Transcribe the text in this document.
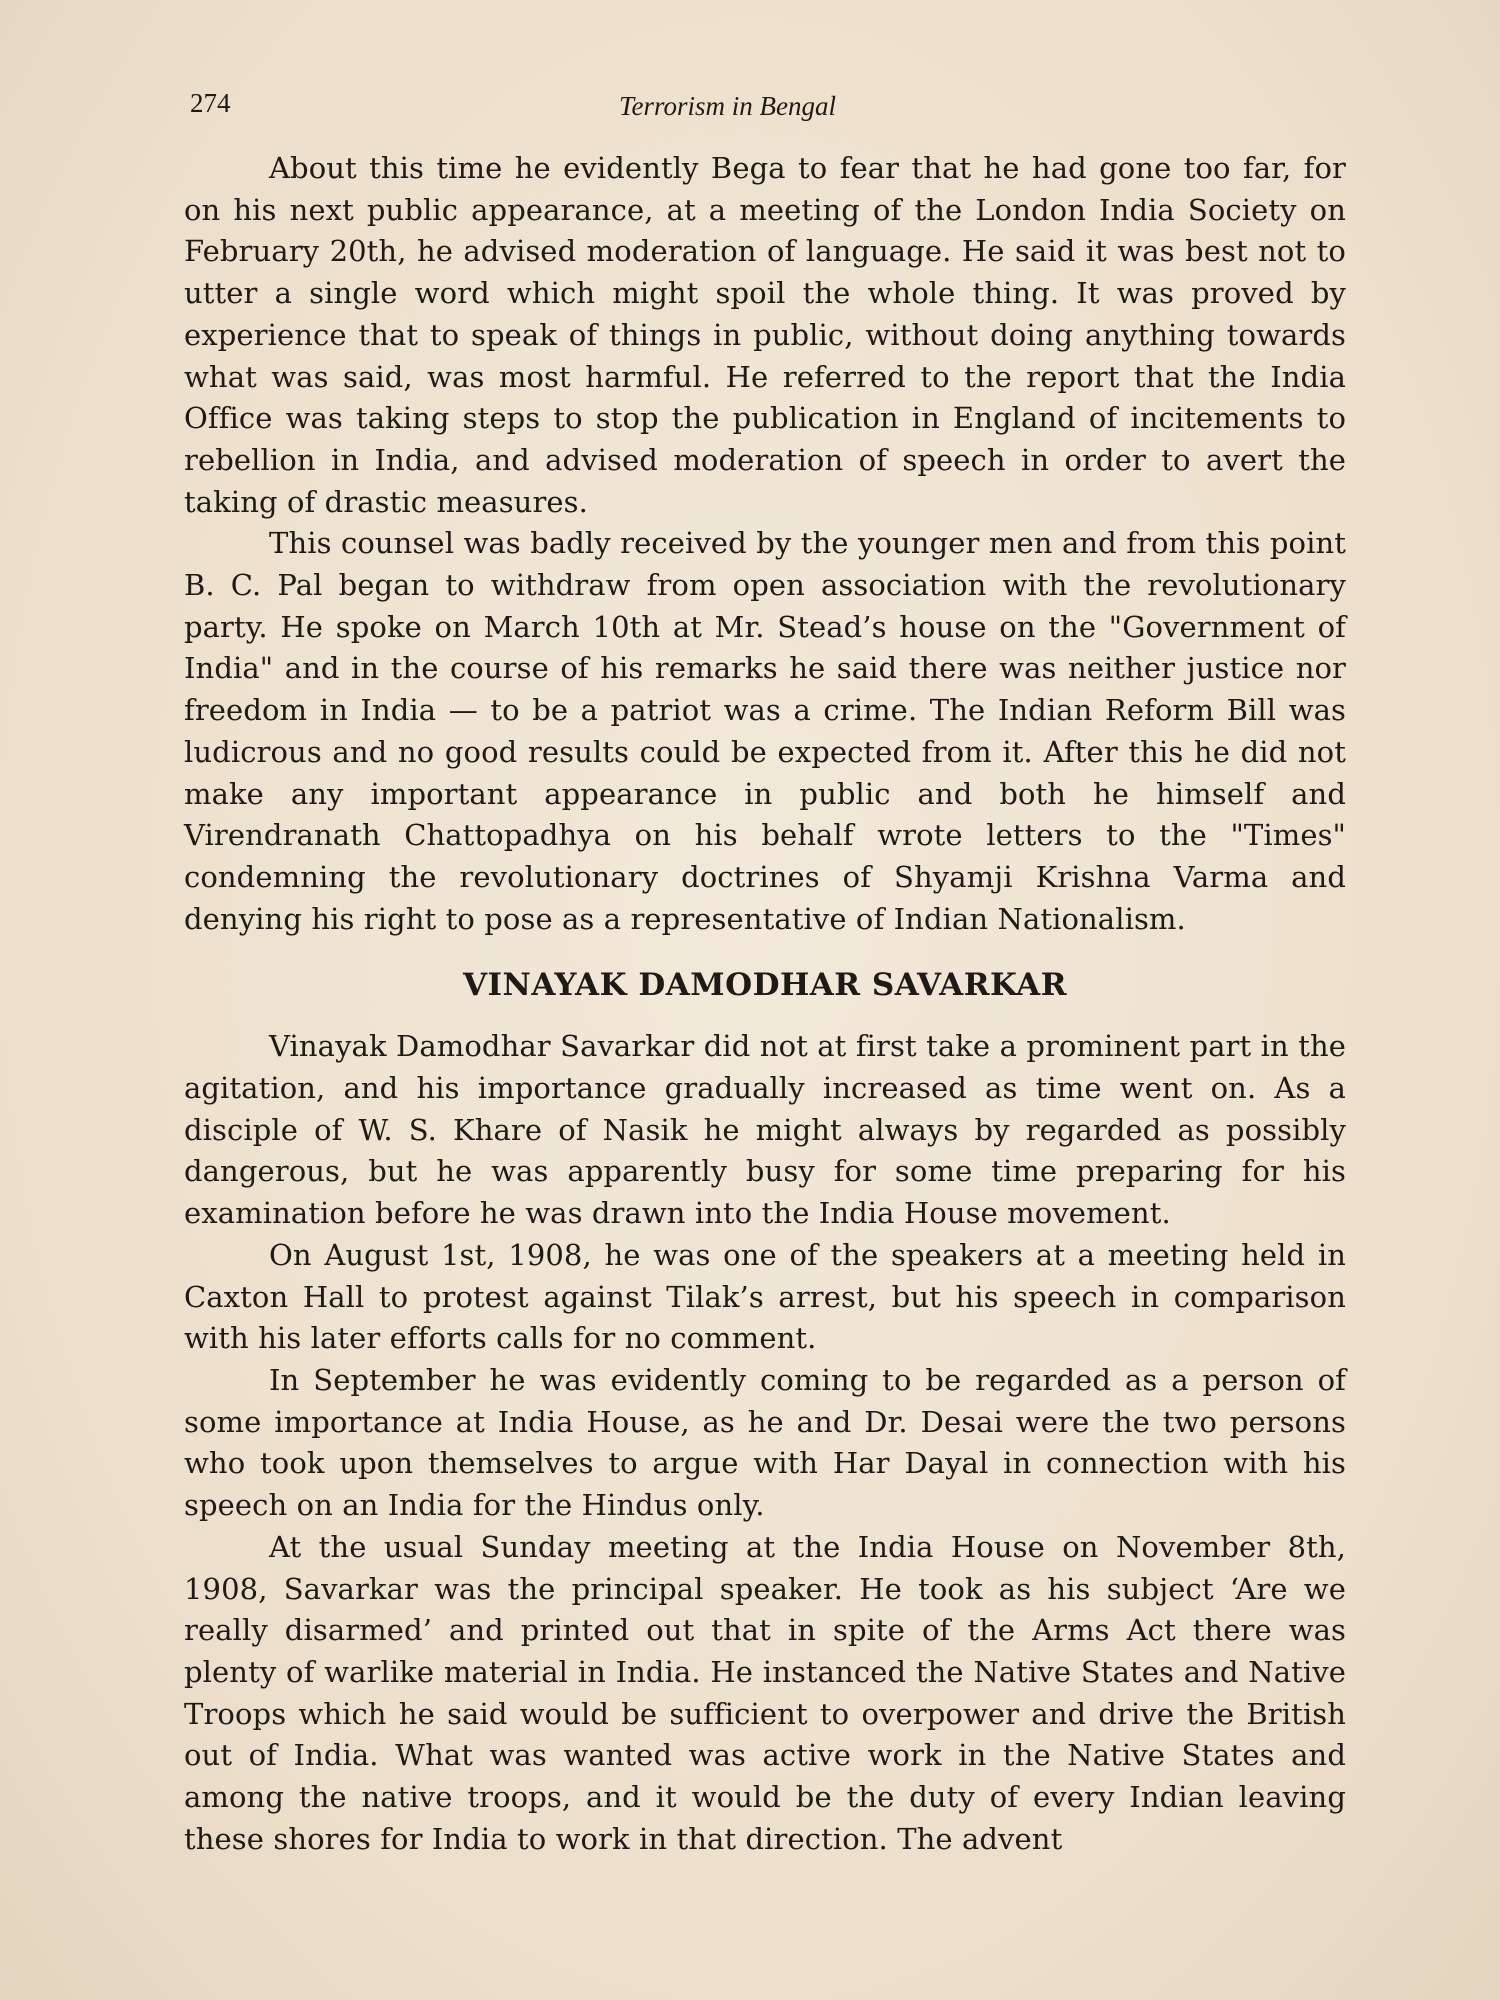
274	Terrorism in Bengal

About this time he evidently Bega to fear that he had gone too far, for on his next public appearance, at a meeting of the London India Society on February 20th, he advised moderation of language. He said it was best not to utter a single word which might spoil the whole thing. It was proved by experience that to speak of things in public, without doing anything towards what was said, was most harmful. He referred to the report that the India Office was taking steps to stop the publication in England of incitements to rebellion in India, and advised moderation of speech in order to avert the taking of drastic measures.

This counsel was badly received by the younger men and from this point B. C. Pal began to withdraw from open association with the revolutionary party. He spoke on March 10th at Mr. Stead’s house on the "Government of India" and in the course of his remarks he said there was neither justice nor freedom in India — to be a patriot was a crime. The Indian Reform Bill was ludicrous and no good results could be expected from it. After this he did not make any important appearance in public and both he himself and Virendranath Chattopadhya on his behalf wrote letters to the "Times" condemning the revolutionary doctrines of Shyamji Krishna Varma and denying his right to pose as a representative of Indian Nationalism.

VINAYAK DAMODHAR SAVARKAR

Vinayak Damodhar Savarkar did not at first take a prominent part in the agitation, and his importance gradually increased as time went on. As a disciple of W. S. Khare of Nasik he might always by regarded as possibly dangerous, but he was apparently busy for some time preparing for his examination before he was drawn into the India House movement.

On August 1st, 1908, he was one of the speakers at a meeting held in Caxton Hall to protest against Tilak’s arrest, but his speech in comparison with his later efforts calls for no comment.

In September he was evidently coming to be regarded as a person of some importance at India House, as he and Dr. Desai were the two persons who took upon themselves to argue with Har Dayal in connection with his speech on an India for the Hindus only.

At the usual Sunday meeting at the India House on November 8th, 1908, Savarkar was the principal speaker. He took as his subject ‘Are we really disarmed’ and printed out that in spite of the Arms Act there was plenty of warlike material in India. He instanced the Native States and Native Troops which he said would be sufficient to overpower and drive the British out of India. What was wanted was active work in the Native States and among the native troops, and it would be the duty of every Indian leaving these shores for India to work in that direction. The advent
